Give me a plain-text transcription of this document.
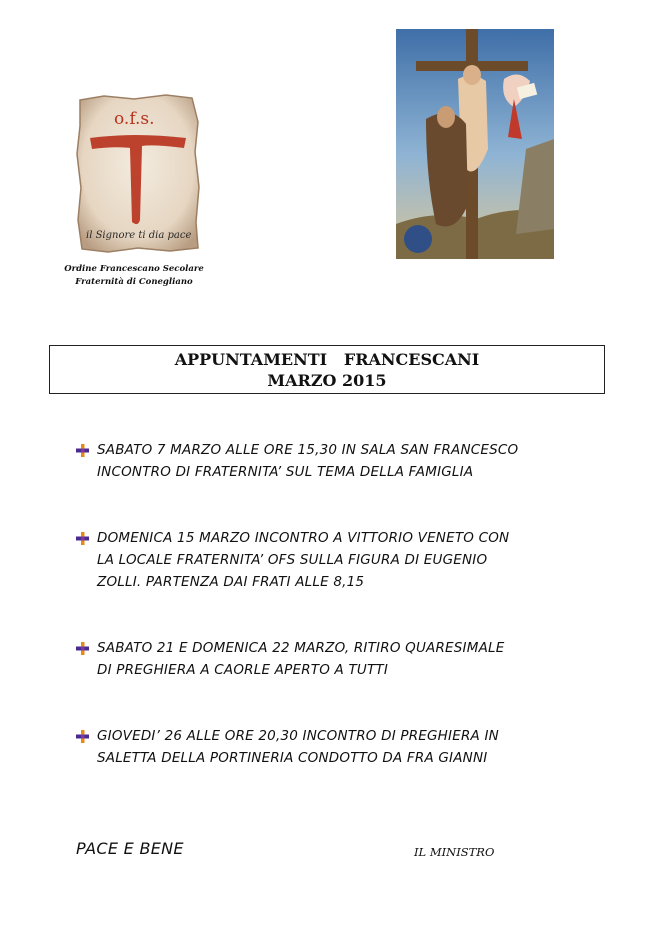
o.f.s.
il Signore ti dia pace
Ordine Francescano Secolare
Fraternità di Conegliano
APPUNTAMENTI   FRANCESCANI
MARZO 2015
SABATO 7 MARZO ALLE ORE 15,30 IN SALA SAN FRANCESCO
INCONTRO DI FRATERNITA’ SUL TEMA DELLA FAMIGLIA
DOMENICA 15 MARZO INCONTRO A VITTORIO VENETO CON
LA LOCALE FRATERNITA’ OFS SULLA FIGURA DI EUGENIO
ZOLLI. PARTENZA DAI FRATI ALLE 8,15
SABATO 21 E DOMENICA 22 MARZO, RITIRO QUARESIMALE
DI PREGHIERA A CAORLE APERTO A TUTTI
GIOVEDI’ 26 ALLE ORE 20,30 INCONTRO DI PREGHIERA IN
SALETTA DELLA PORTINERIA CONDOTTO DA FRA GIANNI
PACE E BENE	IL MINISTRO
